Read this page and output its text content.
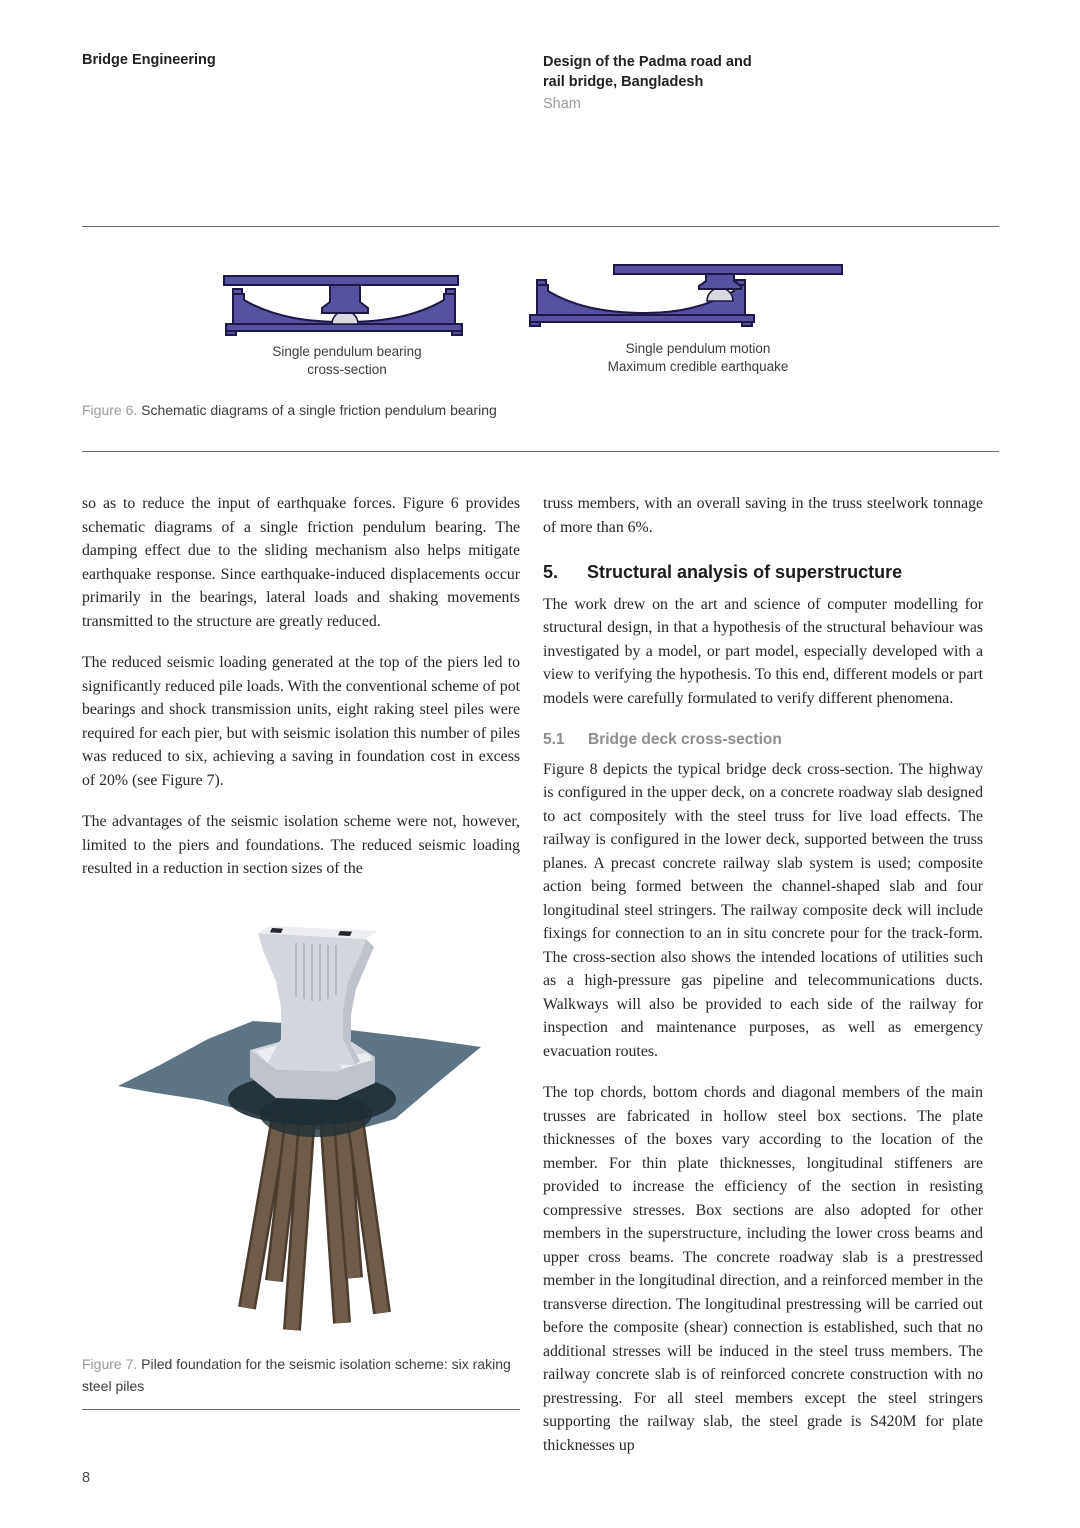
Bridge Engineering	Design of the Padma road and
rail bridge, Bangladesh
Sham
Single pendulum bearing
cross-section
Single pendulum motion
Maximum credible earthquake
Figure 6. Schematic diagrams of a single friction pendulum bearing

so as to reduce the input of earthquake forces. Figure 6 provides schematic diagrams of a single friction pendulum bearing. The damping effect due to the sliding mechanism also helps mitigate earthquake response. Since earthquake-induced displacements occur primarily in the bearings, lateral loads and shaking movements transmitted to the structure are greatly reduced.

The reduced seismic loading generated at the top of the piers led to significantly reduced pile loads. With the conventional scheme of pot bearings and shock transmission units, eight raking steel piles were required for each pier, but with seismic isolation this number of piles was reduced to six, achieving a saving in foundation cost in excess of 20% (see Figure 7).

The advantages of the seismic isolation scheme were not, however, limited to the piers and foundations. The reduced seismic loading resulted in a reduction in section sizes of the

Figure 7. Piled foundation for the seismic isolation scheme: six raking steel piles

truss members, with an overall saving in the truss steelwork tonnage of more than 6%.

5. Structural analysis of superstructure

The work drew on the art and science of computer modelling for structural design, in that a hypothesis of the structural behaviour was investigated by a model, or part model, especially developed with a view to verifying the hypothesis. To this end, different models or part models were carefully formulated to verify different phenomena.

5.1 Bridge deck cross-section

Figure 8 depicts the typical bridge deck cross-section. The highway is configured in the upper deck, on a concrete roadway slab designed to act compositely with the steel truss for live load effects. The railway is configured in the lower deck, supported between the truss planes. A precast concrete railway slab system is used; composite action being formed between the channel-shaped slab and four longitudinal steel stringers. The railway composite deck will include fixings for connection to an in situ concrete pour for the track-form. The cross-section also shows the intended locations of utilities such as a high-pressure gas pipeline and telecommunications ducts. Walkways will also be provided to each side of the railway for inspection and maintenance purposes, as well as emergency evacuation routes.

The top chords, bottom chords and diagonal members of the main trusses are fabricated in hollow steel box sections. The plate thicknesses of the boxes vary according to the location of the member. For thin plate thicknesses, longitudinal stiffeners are provided to increase the efficiency of the section in resisting compressive stresses. Box sections are also adopted for other members in the superstructure, including the lower cross beams and upper cross beams. The concrete roadway slab is a prestressed member in the longitudinal direction, and a reinforced member in the transverse direction. The longitudinal prestressing will be carried out before the composite (shear) connection is established, such that no additional stresses will be induced in the steel truss members. The railway concrete slab is of reinforced concrete construction with no prestressing. For all steel members except the steel stringers supporting the railway slab, the steel grade is S420M for plate thicknesses up

8
